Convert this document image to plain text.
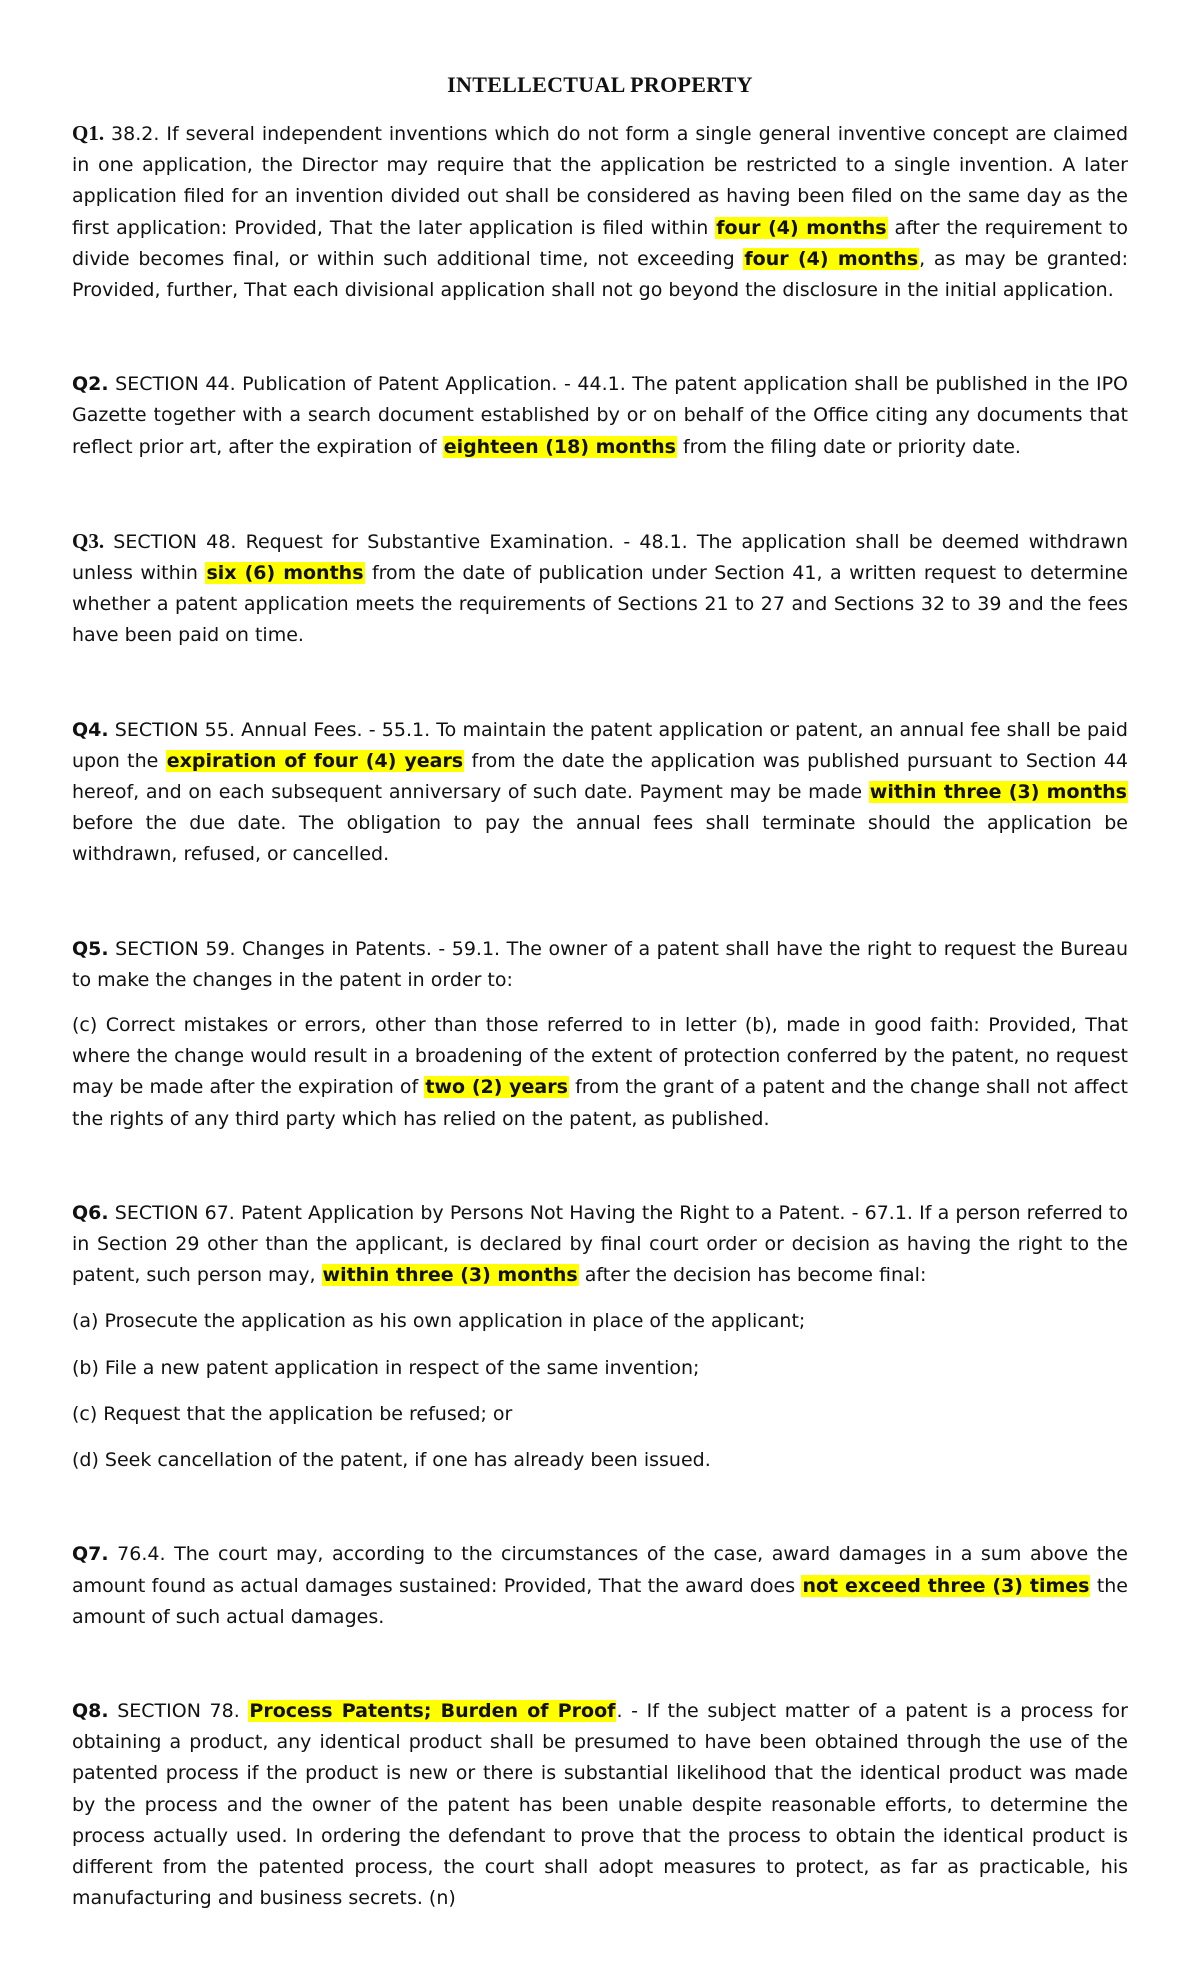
INTELLECTUAL PROPERTY

Q1. 38.2. If several independent inventions which do not form a single general inventive concept are claimed in one application, the Director may require that the application be restricted to a single invention. A later application filed for an invention divided out shall be considered as having been filed on the same day as the first application: Provided, That the later application is filed within four (4) months after the requirement to divide becomes final, or within such additional time, not exceeding four (4) months, as may be granted: Provided, further, That each divisional application shall not go beyond the disclosure in the initial application.

Q2. SECTION 44. Publication of Patent Application. - 44.1. The patent application shall be published in the IPO Gazette together with a search document established by or on behalf of the Office citing any documents that reflect prior art, after the expiration of eighteen (18) months from the filing date or priority date.

Q3. SECTION 48. Request for Substantive Examination. - 48.1. The application shall be deemed withdrawn unless within six (6) months from the date of publication under Section 41, a written request to determine whether a patent application meets the requirements of Sections 21 to 27 and Sections 32 to 39 and the fees have been paid on time.

Q4. SECTION 55. Annual Fees. - 55.1. To maintain the patent application or patent, an annual fee shall be paid upon the expiration of four (4) years from the date the application was published pursuant to Section 44 hereof, and on each subsequent anniversary of such date. Payment may be made within three (3) months before the due date. The obligation to pay the annual fees shall terminate should the application be withdrawn, refused, or cancelled.

Q5. SECTION 59. Changes in Patents. - 59.1. The owner of a patent shall have the right to request the Bureau to make the changes in the patent in order to:

(c) Correct mistakes or errors, other than those referred to in letter (b), made in good faith: Provided, That where the change would result in a broadening of the extent of protection conferred by the patent, no request may be made after the expiration of two (2) years from the grant of a patent and the change shall not affect the rights of any third party which has relied on the patent, as published.

Q6. SECTION 67. Patent Application by Persons Not Having the Right to a Patent. - 67.1. If a person referred to in Section 29 other than the applicant, is declared by final court order or decision as having the right to the patent, such person may, within three (3) months after the decision has become final:

(a) Prosecute the application as his own application in place of the applicant;

(b) File a new patent application in respect of the same invention;

(c) Request that the application be refused; or

(d) Seek cancellation of the patent, if one has already been issued.

Q7. 76.4. The court may, according to the circumstances of the case, award damages in a sum above the amount found as actual damages sustained: Provided, That the award does not exceed three (3) times the amount of such actual damages.

Q8. SECTION 78. Process Patents; Burden of Proof. - If the subject matter of a patent is a process for obtaining a product, any identical product shall be presumed to have been obtained through the use of the patented process if the product is new or there is substantial likelihood that the identical product was made by the process and the owner of the patent has been unable despite reasonable efforts, to determine the process actually used. In ordering the defendant to prove that the process to obtain the identical product is different from the patented process, the court shall adopt measures to protect, as far as practicable, his manufacturing and business secrets. (n)
